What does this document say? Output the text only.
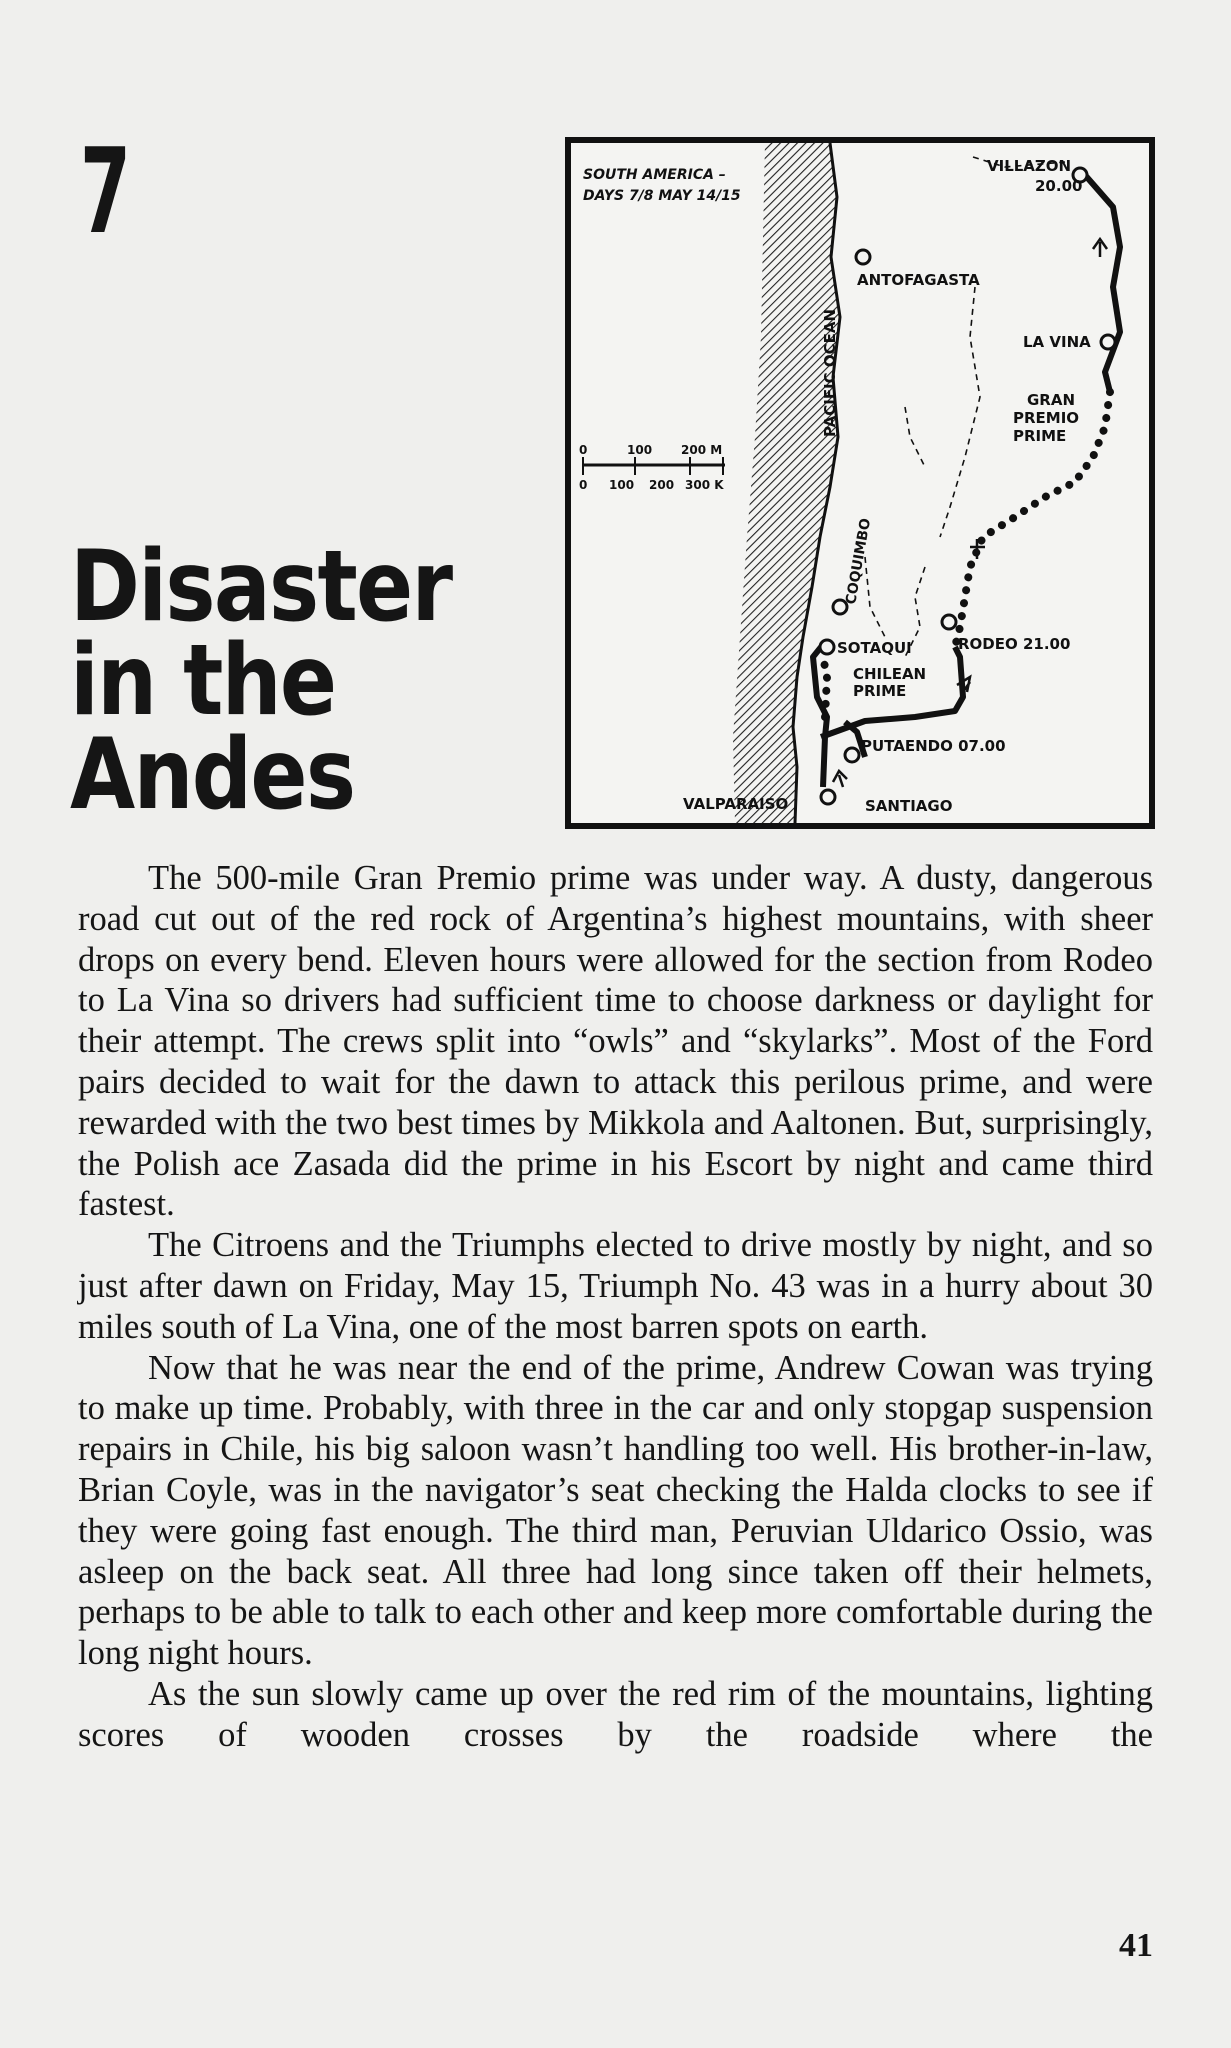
7
Disaster
in the
Andes
SOUTH AMERICA –
DAYS 7/8 MAY 14/15
PACIFIC OCEAN
0	100 200 M
0 100 200 300 K
VILLAZON
20.00
ANTOFAGASTA
LA VINA
GRAN
PREMIO
PRIME
COQUIMBO
SOTAQUI	RODEO 21.00
CHILEAN
PRIME
PUTAENDO 07.00
VALPARAISO	SANTIAGO

The 500-mile Gran Premio prime was under way. A dusty, dangerous road cut out of the red rock of Argentina’s highest mountains, with sheer drops on every bend. Eleven hours were allowed for the section from Rodeo to La Vina so drivers had sufficient time to choose darkness or daylight for their attempt. The crews split into “owls” and “skylarks”. Most of the Ford pairs decided to wait for the dawn to attack this perilous prime, and were rewarded with the two best times by Mikkola and Aaltonen. But, surprisingly, the Polish ace Zasada did the prime in his Escort by night and came third fastest.

The Citroens and the Triumphs elected to drive mostly by night, and so just after dawn on Friday, May 15, Triumph No. 43 was in a hurry about 30 miles south of La Vina, one of the most barren spots on earth.

Now that he was near the end of the prime, Andrew Cowan was trying to make up time. Probably, with three in the car and only stopgap suspension repairs in Chile, his big saloon wasn’t handling too well. His brother-in-law, Brian Coyle, was in the navigator’s seat checking the Halda clocks to see if they were going fast enough. The third man, Peruvian Uldarico Ossio, was asleep on the back seat. All three had long since taken off their helmets, perhaps to be able to talk to each other and keep more comfortable during the long night hours.

As the sun slowly came up over the red rim of the mountains, lighting scores of wooden crosses by the roadside where the

41
